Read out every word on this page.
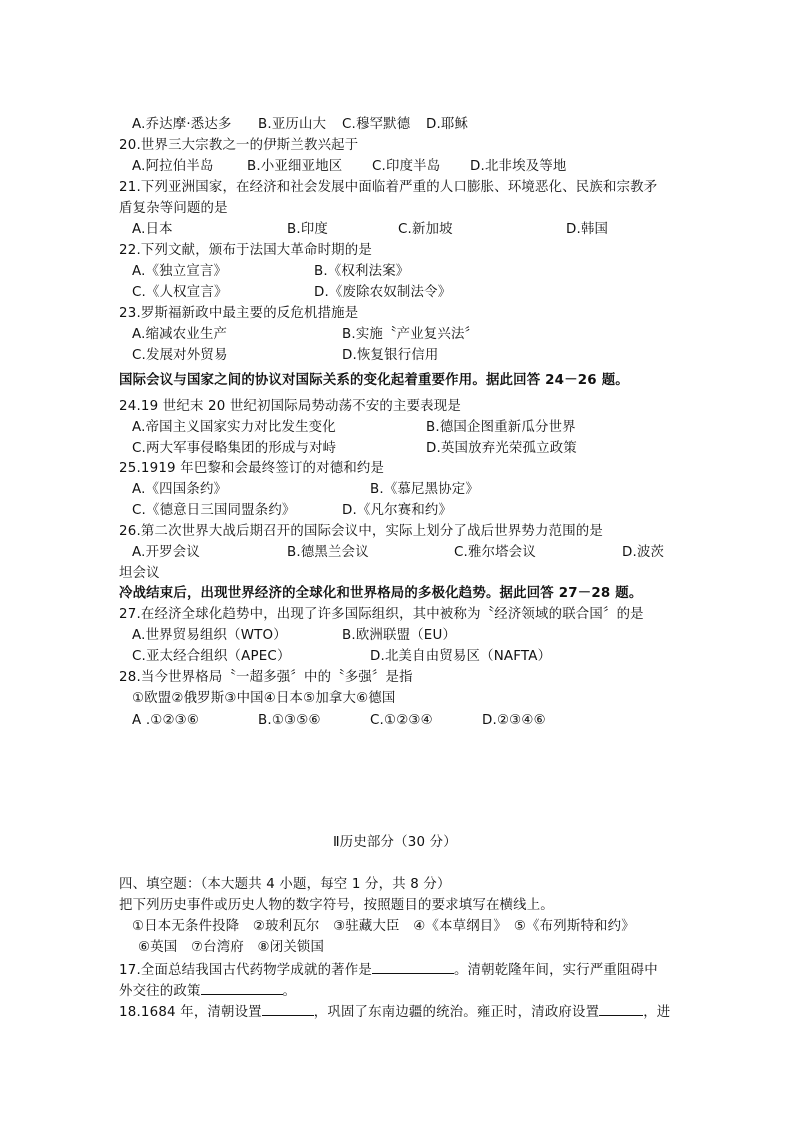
A.乔达摩·悉达多 B.亚历山大 C.穆罕默德 D.耶稣
20.世界三大宗教之一的伊斯兰教兴起于
A.阿拉伯半岛 B.小亚细亚地区 C.印度半岛 D.北非埃及等地
21.下列亚洲国家，在经济和社会发展中面临着严重的人口膨胀、环境恶化、民族和宗教矛
盾复杂等问题的是
A.日本	B.印度	C.新加坡	D.韩国
22.下列文献，颁布于法国大革命时期的是
A.《独立宣言》	B.《权利法案》
C.《人权宣言》	D.《废除农奴制法令》
23.罗斯福新政中最主要的反危机措施是
A.缩减农业生产	B.实施〝产业复兴法〞
C.发展对外贸易	D.恢复银行信用
国际会议与国家之间的协议对国际关系的变化起着重要作用。据此回答 24－26 题。
24.19 世纪末 20 世纪初国际局势动荡不安的主要表现是
A.帝国主义国家实力对比发生变化	B.德国企图重新瓜分世界
C.两大军事侵略集团的形成与对峙	D.英国放弃光荣孤立政策
25.1919 年巴黎和会最终签订的对德和约是
A.《四国条约》	B.《慕尼黑协定》
C.《德意日三国同盟条约》	D.《凡尔赛和约》
26.第二次世界大战后期召开的国际会议中，实际上划分了战后世界势力范围的是
A.开罗会议	B.德黑兰会议	C.雅尔塔会议	D.波茨
坦会议
冷战结束后，出现世界经济的全球化和世界格局的多极化趋势。据此回答 27－28 题。
27.在经济全球化趋势中，出现了许多国际组织，其中被称为〝经济领域的联合国〞的是
A.世界贸易组织（WTO）	B.欧洲联盟（EU）
C.亚太经合组织（APEC）	D.北美自由贸易区（NAFTA）
28.当今世界格局〝一超多强〞中的〝多强〞是指
①欧盟②俄罗斯③中国④日本⑤加拿大⑥德国
A .①②③⑥	B.①③⑤⑥	C.①②③④	D.②③④⑥
Ⅱ历史部分（30 分）
四、填空题：（本大题共 4 小题，每空 1 分，共 8 分）
把下列历史事件或历史人物的数字符号，按照题目的要求填写在横线上。
①日本无条件投降　②玻利瓦尔　③驻藏大臣　④《本草纲目》　⑤《布列斯特和约》
⑥英国　⑦台湾府　⑧闭关锁国
17.全面总结我国古代药物学成就的著作是	。清朝乾隆年间，实行严重阻碍中
外交往的政策	。
18.1684 年，清朝设置	，巩固了东南边疆的统治。雍正时，清政府设置	，进
